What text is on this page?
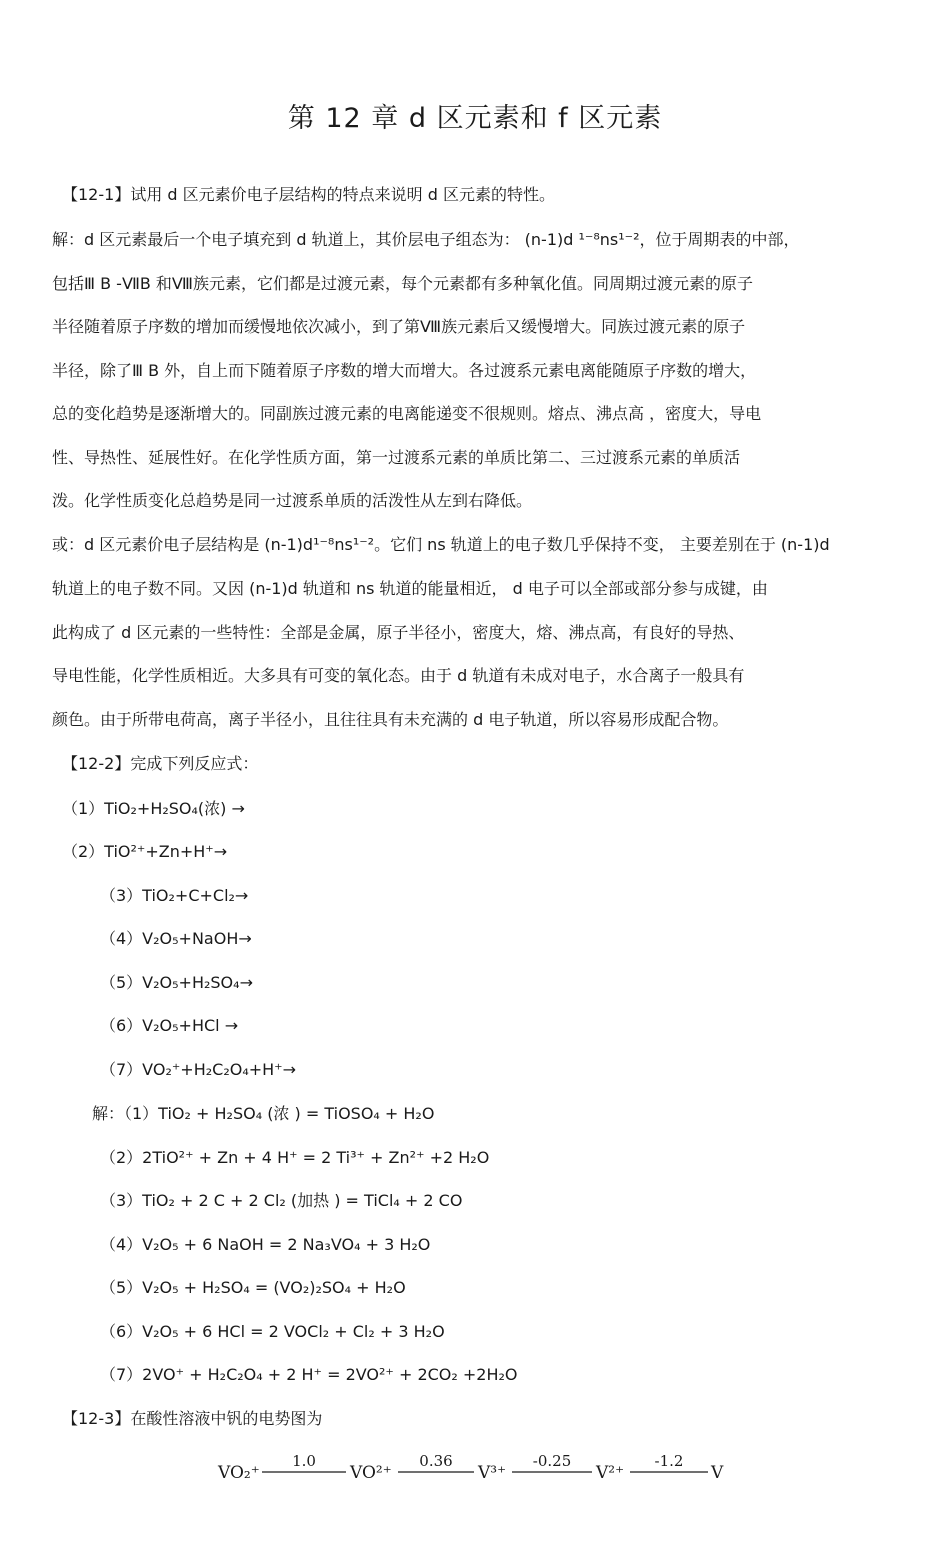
第 12 章 d 区元素和 f 区元素
【12-1】试用 d 区元素价电子层结构的特点来说明 d 区元素的特性。
解：d 区元素最后一个电子填充到 d 轨道上，其价层电子组态为： (n-1)d ¹⁻⁸ns¹⁻²，位于周期表的中部，
包括Ⅲ B -ⅦB 和Ⅷ族元素，它们都是过渡元素，每个元素都有多种氧化值。同周期过渡元素的原子
半径随着原子序数的增加而缓慢地依次减小，到了第Ⅷ族元素后又缓慢增大。同族过渡元素的原子
半径，除了Ⅲ B 外，自上而下随着原子序数的增大而增大。各过渡系元素电离能随原子序数的增大，
总的变化趋势是逐渐增大的。同副族过渡元素的电离能递变不很规则。熔点、沸点高 ，密度大，导电
性、导热性、延展性好。在化学性质方面，第一过渡系元素的单质比第二、三过渡系元素的单质活
泼。化学性质变化总趋势是同一过渡系单质的活泼性从左到右降低。
或：d 区元素价电子层结构是 (n-1)d¹⁻⁸ns¹⁻²。它们 ns 轨道上的电子数几乎保持不变， 主要差别在于 (n-1)d
轨道上的电子数不同。又因 (n-1)d 轨道和 ns 轨道的能量相近， d 电子可以全部或部分参与成键，由
此构成了 d 区元素的一些特性：全部是金属，原子半径小，密度大，熔、沸点高，有良好的导热、
导电性能，化学性质相近。大多具有可变的氧化态。由于 d 轨道有未成对电子，水合离子一般具有
颜色。由于所带电荷高，离子半径小，且往往具有未充满的 d 电子轨道，所以容易形成配合物。
【12-2】完成下列反应式：
（1）TiO₂+H₂SO₄(浓) →
（2）TiO²⁺+Zn+H⁺→
（3）TiO₂+C+Cl₂→
（4）V₂O₅+NaOH→
（5）V₂O₅+H₂SO₄→
（6）V₂O₅+HCl →
（7）VO₂⁺+H₂C₂O₄+H⁺→
解：（1）TiO₂ + H₂SO₄ (浓 ) = TiOSO₄ + H₂O
（2）2TiO²⁺ + Zn + 4 H⁺ = 2 Ti³⁺ + Zn²⁺ +2 H₂O
（3）TiO₂ + 2 C + 2 Cl₂ (加热 ) = TiCl₄ + 2 CO
（4）V₂O₅ + 6 NaOH = 2 Na₃VO₄ + 3 H₂O
（5）V₂O₅ + H₂SO₄ = (VO₂)₂SO₄ + H₂O
（6）V₂O₅ + 6 HCl = 2 VOCl₂ + Cl₂ + 3 H₂O
（7）2VO⁺ + H₂C₂O₄ + 2 H⁺ = 2VO²⁺ + 2CO₂ +2H₂O
【12-3】在酸性溶液中钒的电势图为
VO₂⁺
1.0
VO²⁺
0.36
V³⁺
-0.25
V²⁺
-1.2
V
